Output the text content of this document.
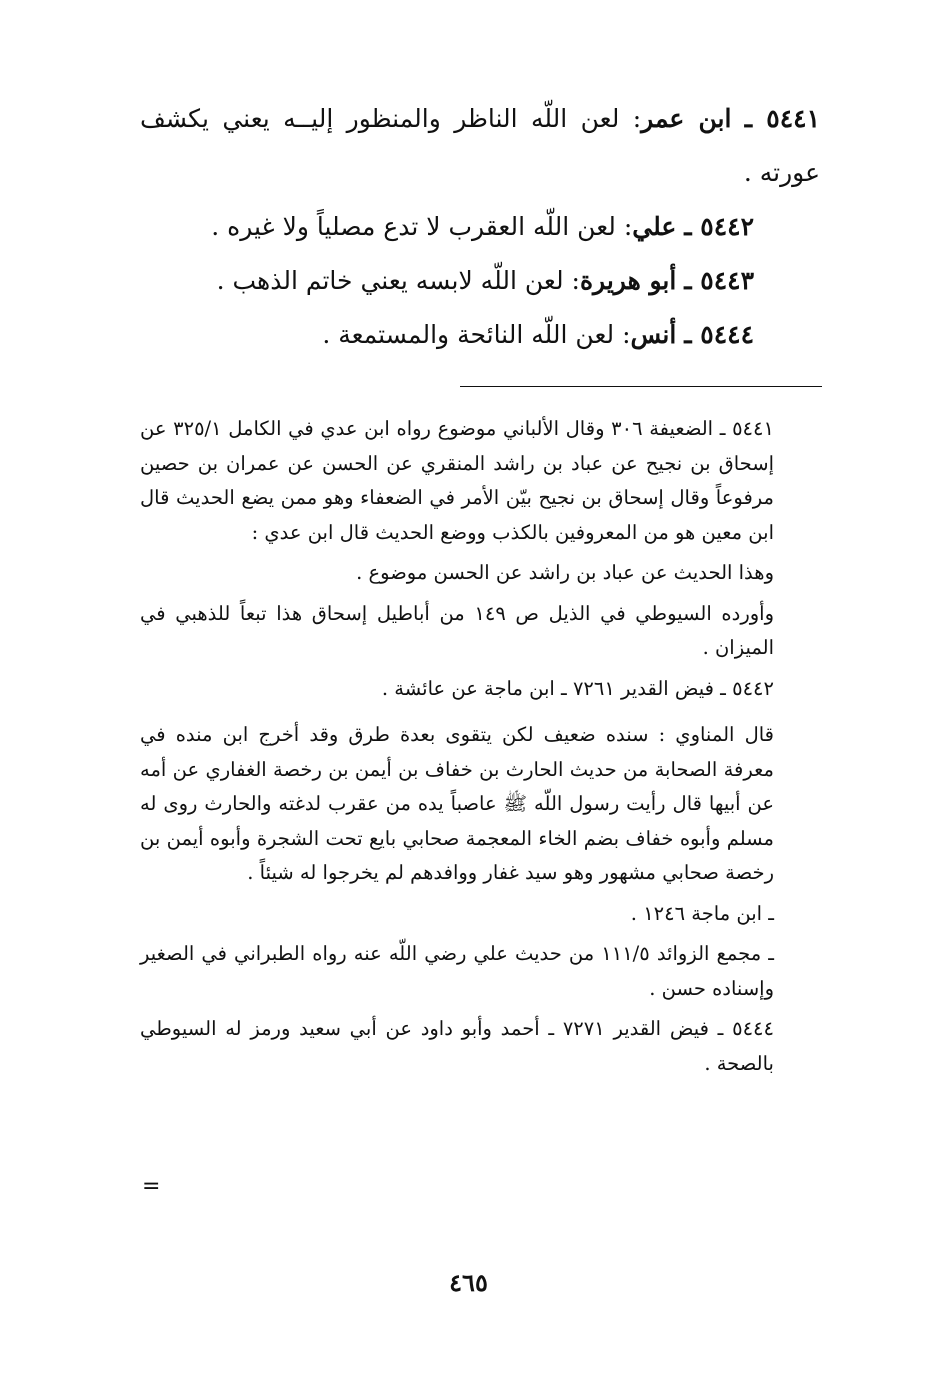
٥٤٤١ ـ ابن عمر: لعن اللّه الناظر والمنظور إليــه يعني يكشف عورته .

٥٤٤٢ ـ علي: لعن اللّه العقرب لا تدع مصلياً ولا غيره .

٥٤٤٣ ـ أبو هريرة: لعن اللّه لابسه يعني خاتم الذهب .

٥٤٤٤ ـ أنس: لعن اللّه النائحة والمستمعة .

٥٤٤١ ـ الضعيفة ٣٠٦ وقال الألباني موضوع رواه ابن عدي في الكامل ٣٢٥/١ عن إسحاق بن نجيح عن عباد بن راشد المنقري عن الحسن عن عمران بن حصين مرفوعاً وقال إسحاق بن نجيح بيّن الأمر في الضعفاء وهو ممن يضع الحديث قال ابن معين هو من المعروفين بالكذب ووضع الحديث قال ابن عدي :

وهذا الحديث عن عباد بن راشد عن الحسن موضوع .

وأورده السيوطي في الذيل ص ١٤٩ من أباطيل إسحاق هذا تبعاً للذهبي في الميزان .

٥٤٤٢ ـ فيض القدير ٧٢٦١ ـ ابن ماجة عن عائشة .

قال المناوي : سنده ضعيف لكن يتقوى بعدة طرق وقد أخرج ابن منده في معرفة الصحابة من حديث الحارث بن خفاف بن أيمن بن رخصة الغفاري عن أمه عن أبيها قال رأيت رسول اللّه ﷺ عاصباً يده من عقرب لدغته والحارث روى له مسلم وأبوه خفاف بضم الخاء المعجمة صحابي بايع تحت الشجرة وأبوه أيمن بن رخصة صحابي مشهور وهو سيد غفار ووافدهم لم يخرجوا له شيئاً .

ـ ابن ماجة ١٢٤٦ .

ـ مجمع الزوائد ١١١/٥ من حديث علي رضي اللّه عنه رواه الطبراني في الصغير وإسناده حسن .

٥٤٤٤ ـ فيض القدير ٧٢٧١ ـ أحمد وأبو داود عن أبي سعيد ورمز له السيوطي بالصحة .

=
٤٦٥
